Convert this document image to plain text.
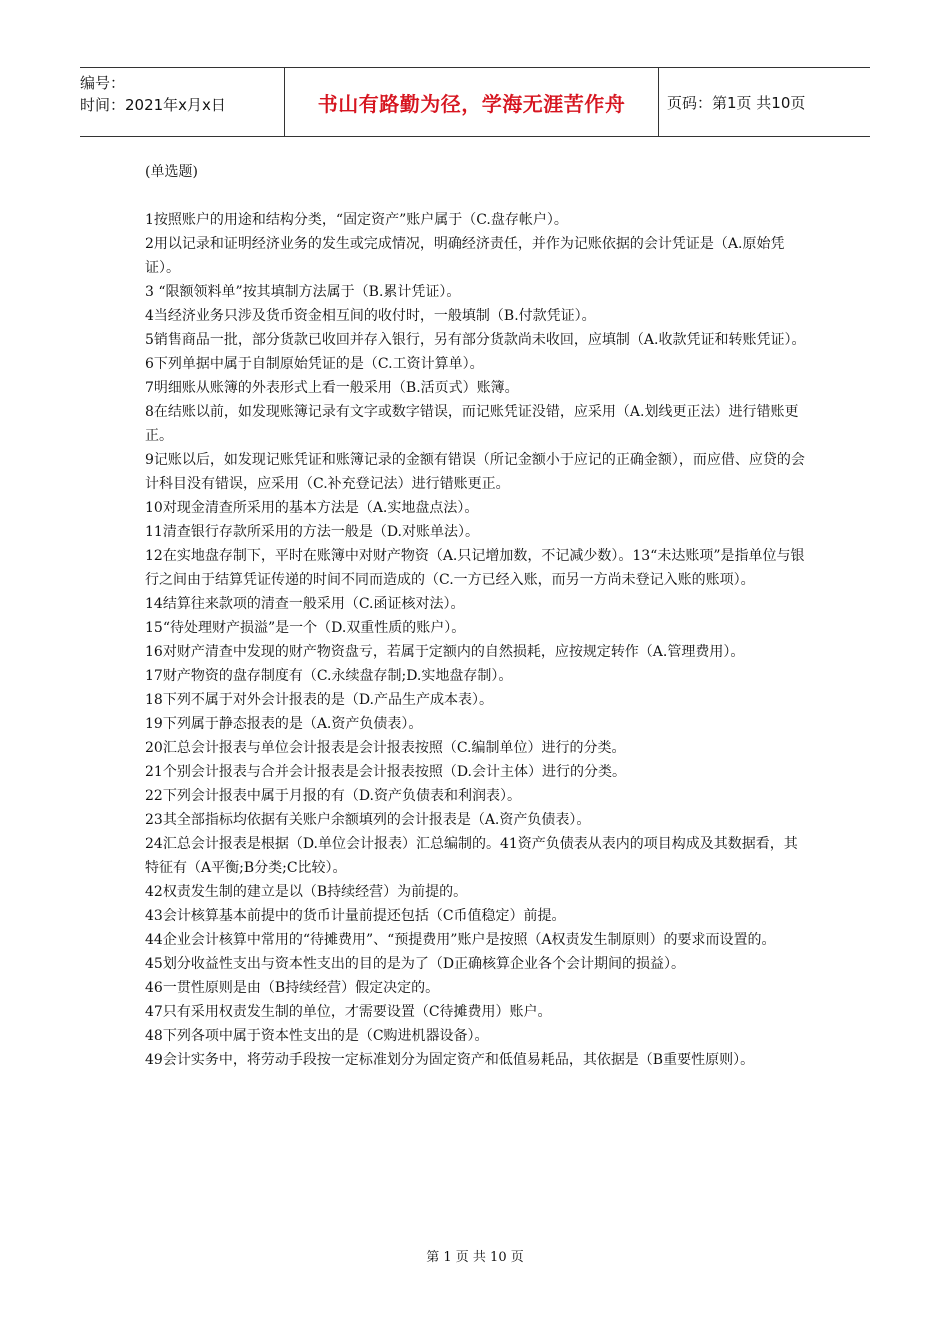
编号：
时间：2021年x月x日	书山有路勤为径，学海无涯苦作舟	页码：第1页 共10页

(单选题)

1按照账户的用途和结构分类，“固定资产”账户属于（C.盘存帐户）。

2用以记录和证明经济业务的发生或完成情况，明确经济责任，并作为记账依据的会计凭证是（A.原始凭证）。

3 “限额领料单”按其填制方法属于（B.累计凭证）。

4当经济业务只涉及货币资金相互间的收付时，一般填制（B.付款凭证）。

5销售商品一批，部分货款已收回并存入银行，另有部分货款尚未收回，应填制（A.收款凭证和转账凭证）。

6下列单据中属于自制原始凭证的是（C.工资计算单）。

7明细账从账簿的外表形式上看一般采用（B.活页式）账簿。

8在结账以前，如发现账簿记录有文字或数字错误，而记账凭证没错，应采用（A.划线更正法）进行错账更正。

9记账以后，如发现记账凭证和账簿记录的金额有错误（所记金额小于应记的正确金额），而应借、应贷的会计科目没有错误，应采用（C.补充登记法）进行错账更正。

10对现金清查所采用的基本方法是（A.实地盘点法）。

11清查银行存款所采用的方法一般是（D.对账单法）。

12在实地盘存制下，平时在账簿中对财产物资（A.只记增加数，不记减少数）。13“未达账项”是指单位与银行之间由于结算凭证传递的时间不同而造成的（C.一方已经入账，而另一方尚未登记入账的账项）。

14结算往来款项的清查一般采用（C.函证核对法）。

15“待处理财产损溢”是一个（D.双重性质的账户）。

16对财产清查中发现的财产物资盘亏，若属于定额内的自然损耗，应按规定转作（A.管理费用）。

17财产物资的盘存制度有（C.永续盘存制;D.实地盘存制）。

18下列不属于对外会计报表的是（D.产品生产成本表）。

19下列属于静态报表的是（A.资产负债表）。

20汇总会计报表与单位会计报表是会计报表按照（C.编制单位）进行的分类。

21个别会计报表与合并会计报表是会计报表按照（D.会计主体）进行的分类。

22下列会计报表中属于月报的有（D.资产负债表和利润表）。

23其全部指标均依据有关账户余额填列的会计报表是（A.资产负债表）。

24汇总会计报表是根据（D.单位会计报表）汇总编制的。41资产负债表从表内的项目构成及其数据看，其特征有（A平衡;B分类;C比较）。

42权责发生制的建立是以（B持续经营）为前提的。

43会计核算基本前提中的货币计量前提还包括（C币值稳定）前提。

44企业会计核算中常用的“待摊费用”、“预提费用”账户是按照（A权责发生制原则）的要求而设置的。

45划分收益性支出与资本性支出的目的是为了（D正确核算企业各个会计期间的损益）。

46一贯性原则是由（B持续经营）假定决定的。

47只有采用权责发生制的单位，才需要设置（C待摊费用）账户。

48下列各项中属于资本性支出的是（C购进机器设备）。

49会计实务中，将劳动手段按一定标准划分为固定资产和低值易耗品，其依据是（B重要性原则）。

第 1 页 共 10 页
